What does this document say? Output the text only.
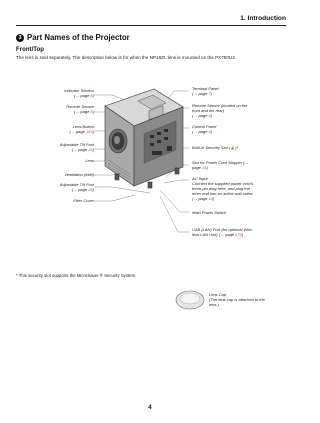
1. Introduction
3 Part Names of the Projector
Front/Top
The lens is sold separately. The description below is for when the NP18ZL lens is mounted on the PX750U2.
Indicator Section
(→ page 6)
Remote Sensor
(→ page 8)
Lens Button
(→ page 163)
Adjustable Tilt Foot
(→ page 29)
Lens
Ventilation (inlet)
Adjustable Tilt Foot
(→ page 29)
Filter Cover
Terminal Panel
(→ page 7)
Remote Sensor (located on the
front and the rear)
(→ page 8)
Control Panel
(→ page 6)
Built-in Security Slot (🔒)*
Slot for Power Cord Stopper (→
page 15)
AC Input
Connect the supplied power cord's
three-pin plug here, and plug the
other end into an active wall outlet.
(→ page 14)
Main Power Switch
USB (LAN) Port (for optional Wire-
less LAN Unit) (→ page 172)
* This security slot supports the MicroSaver ® Security System.
Lens Cap
(The lens cap is attached to the
lens.)
4
